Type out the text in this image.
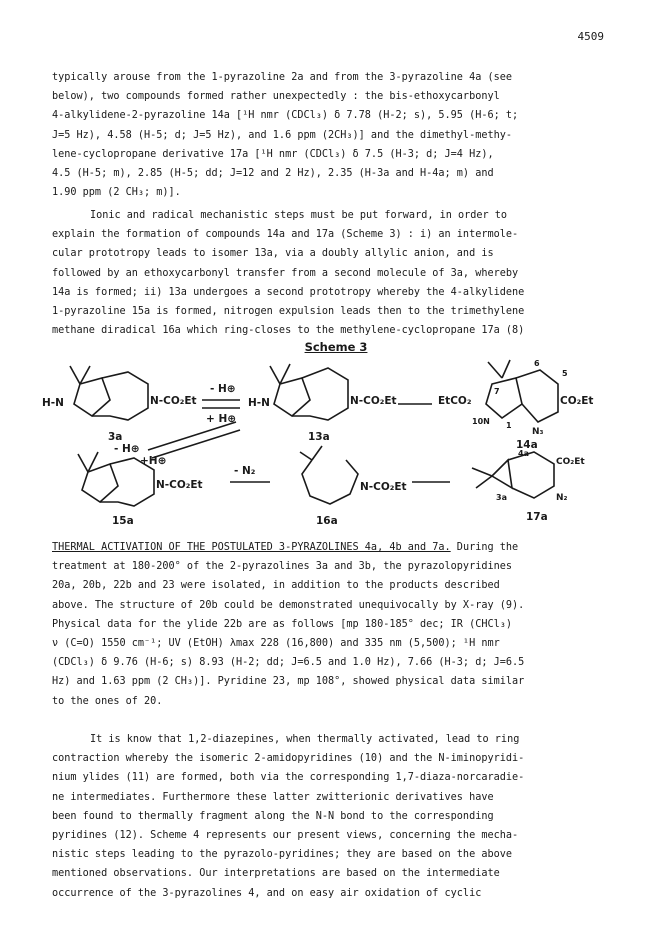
4509
typically arouse from the 1-pyrazoline 2a and from the 3-pyrazoline 4a (see
below), two compounds formed rather unexpectedly : the bis-ethoxycarbonyl
4-alkylidene-2-pyrazoline 14a [¹H nmr (CDCl₃) δ 7.78 (H-2; s), 5.95 (H-6; t;
J=5 Hz), 4.58 (H-5; d; J=5 Hz), and 1.6 ppm (2CH₃)] and the dimethyl-methy-
lene-cyclopropane derivative 17a [¹H nmr (CDCl₃) δ 7.5 (H-3; d; J=4 Hz),
4.5 (H-5; m), 2.85 (H-5; dd; J=12 and 2 Hz), 2.35 (H-3a and H-4a; m) and
1.90 ppm (2 CH₃; m)].
Ionic and radical mechanistic steps must be put forward, in order to
explain the formation of compounds 14a and 17a (Scheme 3) : i) an intermole-
cular prototropy leads to isomer 13a, via a doubly allylic anion, and is
followed by an ethoxycarbonyl transfer from a second molecule of 3a, whereby
14a is formed; ii) 13a undergoes a second prototropy whereby the 4-alkylidene
1-pyrazoline 15a is formed, nitrogen expulsion leads then to the trimethylene
methane diradical 16a which ring-closes to the methylene-cyclopropane 17a (8)
Scheme 3
H-N	N-CO₂Et
3a
- H⊕
+ H⊕
H-N	N-CO₂Et
13a
EtCO₂	CO₂Et
7
6
5
1
N₃
10N
14a
- H⊕
+H⊕
N-CO₂Et
15a
- N₂
N-CO₂Et
16a
4a
3a	N₂
CO₂Et
17a
THERMAL ACTIVATION OF THE POSTULATED 3-PYRAZOLINES 4a, 4b and 7a. During the
treatment at 180-200° of the 2-pyrazolines 3a and 3b, the pyrazolopyridines
20a, 20b, 22b and 23 were isolated, in addition to the products described
above. The structure of 20b could be demonstrated unequivocally by X-ray (9).
Physical data for the ylide 22b are as follows [mp 180-185° dec; IR (CHCl₃)
ν (C=O) 1550 cm⁻¹; UV (EtOH) λmax 228 (16,800) and 335 nm (5,500); ¹H nmr
(CDCl₃) δ 9.76 (H-6; s) 8.93 (H-2; dd; J=6.5 and 1.0 Hz), 7.66 (H-3; d; J=6.5
Hz) and 1.63 ppm (2 CH₃)]. Pyridine 23, mp 108°, showed physical data similar
to the ones of 20.
It is know that 1,2-diazepines, when thermally activated, lead to ring
contraction whereby the isomeric 2-amidopyridines (10) and the N-iminopyridi-
nium ylides (11) are formed, both via the corresponding 1,7-diaza-norcaradie-
ne intermediates. Furthermore these latter zwitterionic derivatives have
been found to thermally fragment along the N-N bond to the corresponding
pyridines (12). Scheme 4 represents our present views, concerning the mecha-
nistic steps leading to the pyrazolo-pyridines; they are based on the above
mentioned observations. Our interpretations are based on the intermediate
occurrence of the 3-pyrazolines 4, and on easy air oxidation of cyclic
